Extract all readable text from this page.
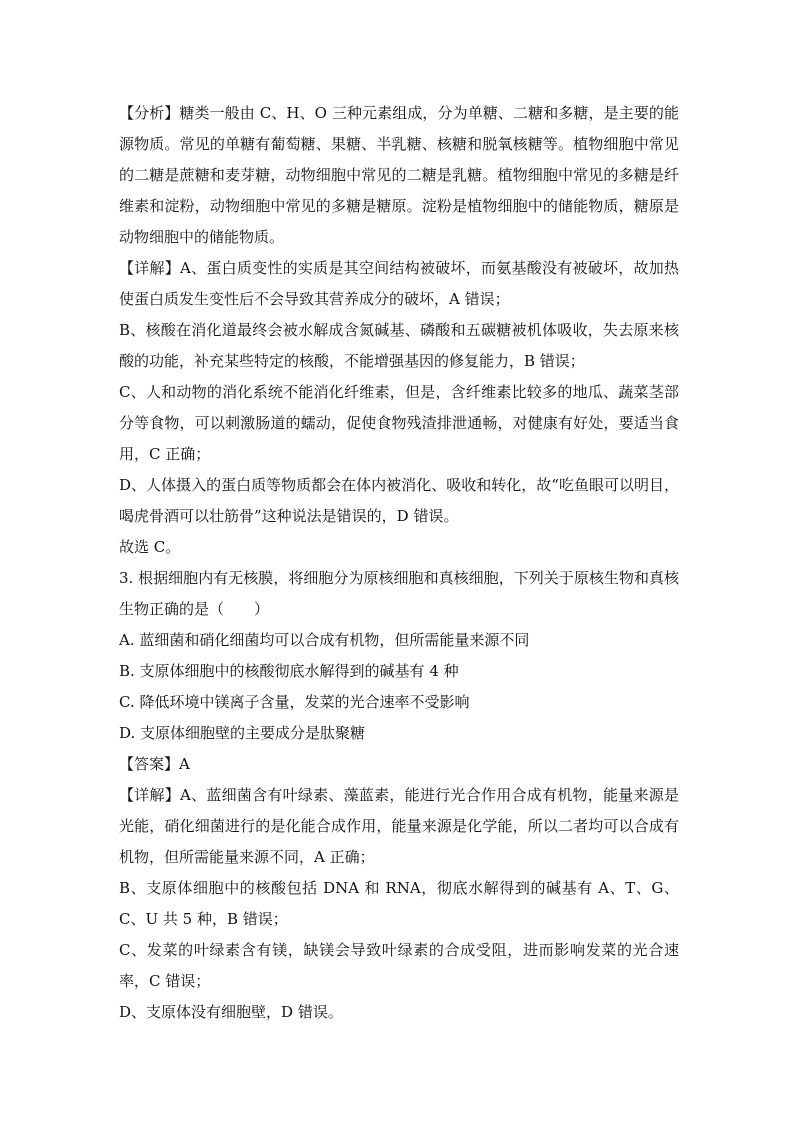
【分析】糖类一般由 C、H、O 三种元素组成，分为单糖、二糖和多糖，是主要的能源物质。常见的单糖有葡萄糖、果糖、半乳糖、核糖和脱氧核糖等。植物细胞中常见的二糖是蔗糖和麦芽糖，动物细胞中常见的二糖是乳糖。植物细胞中常见的多糖是纤维素和淀粉，动物细胞中常见的多糖是糖原。淀粉是植物细胞中的储能物质，糖原是动物细胞中的储能物质。

【详解】A、蛋白质变性的实质是其空间结构被破坏，而氨基酸没有被破坏，故加热使蛋白质发生变性后不会导致其营养成分的破坏，A 错误；

B、核酸在消化道最终会被水解成含氮碱基、磷酸和五碳糖被机体吸收，失去原来核酸的功能，补充某些特定的核酸，不能增强基因的修复能力，B 错误；

C、人和动物的消化系统不能消化纤维素，但是，含纤维素比较多的地瓜、蔬菜茎部分等食物，可以刺激肠道的蠕动，促使食物残渣排泄通畅，对健康有好处，要适当食用，C 正确；

D、人体摄入的蛋白质等物质都会在体内被消化、吸收和转化，故“吃鱼眼可以明目，喝虎骨酒可以壮筋骨”这种说法是错误的，D 错误。

故选 C。

3. 根据细胞内有无核膜，将细胞分为原核细胞和真核细胞，下列关于原核生物和真核生物正确的是（　　）

A. 蓝细菌和硝化细菌均可以合成有机物，但所需能量来源不同

B. 支原体细胞中的核酸彻底水解得到的碱基有 4 种

C. 降低环境中镁离子含量，发菜的光合速率不受影响

D. 支原体细胞壁的主要成分是肽聚糖

【答案】A

【详解】A、蓝细菌含有叶绿素、藻蓝素，能进行光合作用合成有机物，能量来源是光能，硝化细菌进行的是化能合成作用，能量来源是化学能，所以二者均可以合成有机物，但所需能量来源不同，A 正确；

B、支原体细胞中的核酸包括 DNA 和 RNA，彻底水解得到的碱基有 A、T、G、C、U 共 5 种，B 错误；

C、发菜的叶绿素含有镁，缺镁会导致叶绿素的合成受阻，进而影响发菜的光合速率，C 错误；

D、支原体没有细胞壁，D 错误。
